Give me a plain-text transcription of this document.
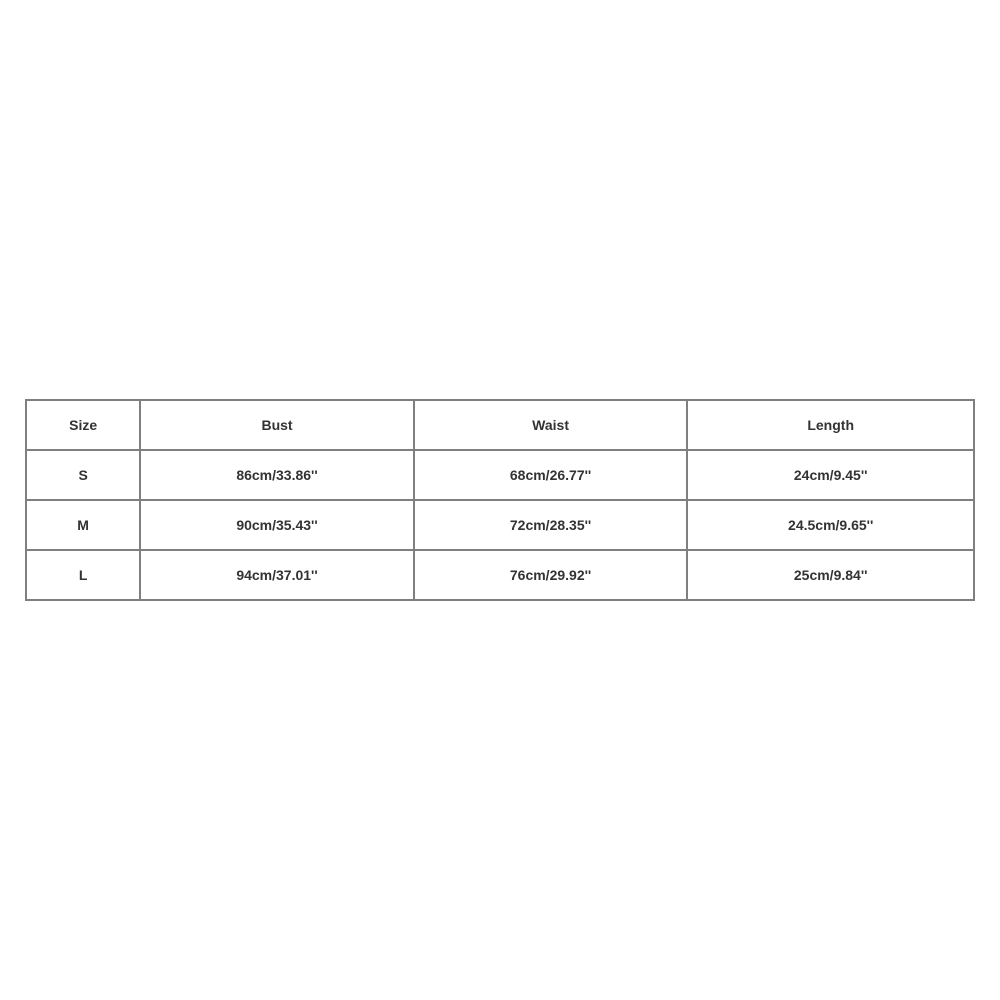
Size	Bust	Waist	Length
S	86cm/33.86''	68cm/26.77''	24cm/9.45''
M	90cm/35.43''	72cm/28.35''	24.5cm/9.65''
L	94cm/37.01''	76cm/29.92''	25cm/9.84''
